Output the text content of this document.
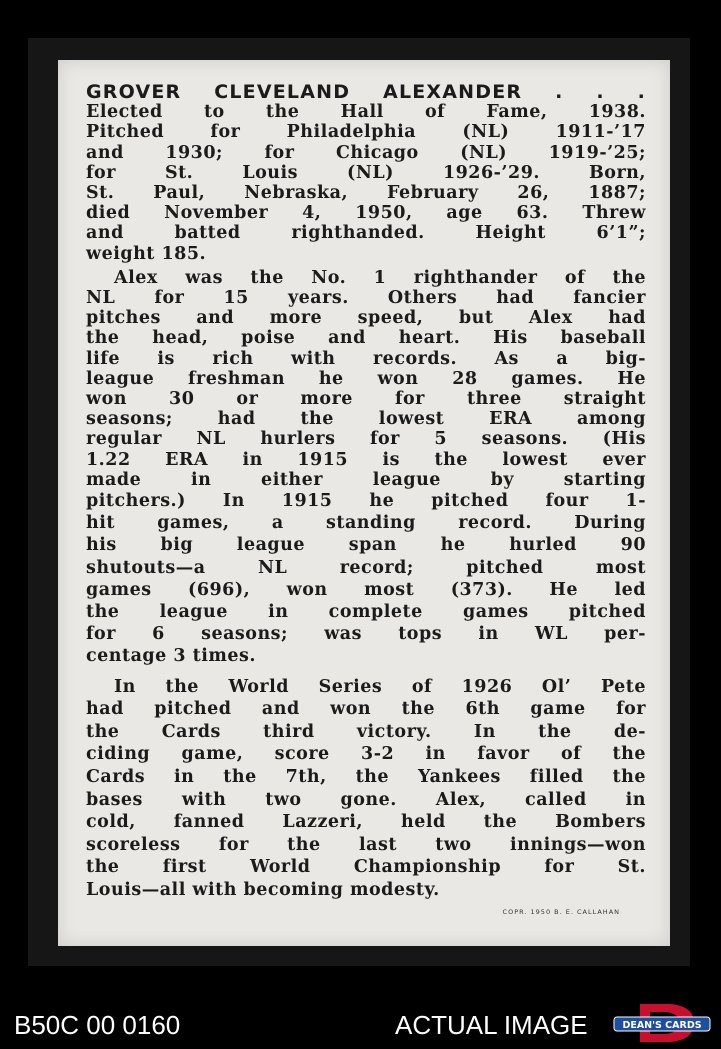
GROVER CLEVELAND ALEXANDER . . .
Elected to the Hall of Fame, 1938.
Pitched for Philadelphia (NL) 1911-’17
and 1930; for Chicago (NL) 1919-’25;
for St. Louis (NL) 1926-’29. Born,
St. Paul, Nebraska, February 26, 1887;
died November 4, 1950, age 63. Threw
and batted righthanded. Height 6’1”;
weight 185.

Alex was the No. 1 righthander of the
NL for 15 years. Others had fancier
pitches and more speed, but Alex had
the head, poise and heart. His baseball
life is rich with records. As a big-
league freshman he won 28 games. He
won 30 or more for three straight
seasons; had the lowest ERA among
regular NL hurlers for 5 seasons. (His
1.22 ERA in 1915 is the lowest ever
made in either league by starting
pitchers.) In 1915 he pitched four 1-
hit games, a standing record. During
his big league span he hurled 90
shutouts—a NL record; pitched most
games (696), won most (373). He led
the league in complete games pitched
for 6 seasons; was tops in WL per-
centage 3 times.

In the World Series of 1926 Ol’ Pete
had pitched and won the 6th game for
the Cards third victory. In the de-
ciding game, score 3-2 in favor of the
Cards in the 7th, the Yankees filled the
bases with two gone. Alex, called in
cold, fanned Lazzeri, held the Bombers
scoreless for the last two innings—won
the first World Championship for St.
Louis—all with becoming modesty.

COPR. 1950 B. E. CALLAHAN
B50C 00 0160	ACTUAL IMAGE	DEAN'S CARDS
